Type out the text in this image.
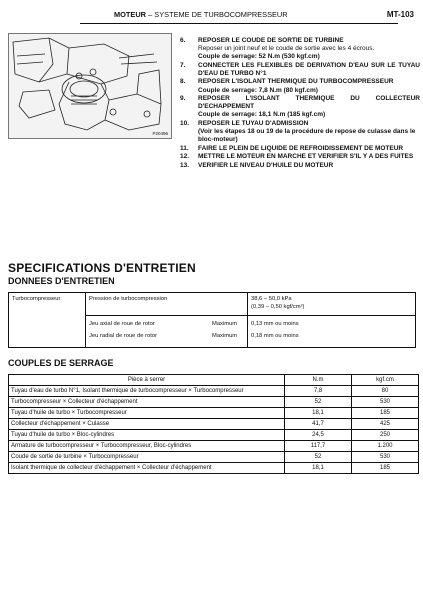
MOTEUR – SYSTEME DE TURBOCOMPRESSEUR	MT-103
P20496
6. REPOSER LE COUDE DE SORTIE DE TURBINE
Reposer un joint neuf et le coude de sortie avec les 4 écrous.
Couple de serrage: 52 N.m (530 kgf.cm)
7. CONNECTER LES FLEXIBLES DE DERIVATION D'EAU SUR LE TUYAU D'EAU DE TURBO N°1
8. REPOSER L'ISOLANT THERMIQUE DU TURBOCOMPRESSEUR
Couple de serrage: 7,8 N.m (80 kgf.cm)
9. REPOSER L'ISOLANT THERMIQUE DU COLLECTEUR D'ECHAPPEMENT
Couple de serrage: 18,1 N.m (185 kgf.cm)
10. REPOSER LE TUYAU D'ADMISSION
(Voir les étapes 18 ou 19 de la procédure de repose de culasse dans le bloc-moteur)
11. FAIRE LE PLEIN DE LIQUIDE DE REFROIDISSEMENT DE MOTEUR
12. METTRE LE MOTEUR EN MARCHE ET VERIFIER S'IL Y A DES FUITES
13. VERIFIER LE NIVEAU D'HUILE DU MOTEUR
SPECIFICATIONS D'ENTRETIEN
DONNEES D'ENTRETIEN
Turbocompresseur	Pression de turbocompression	38,6 – 50,0 kPa
(0,39 – 0,50 kgf/cm²)
Jeu axial de roue de rotor	Maximum 0,13 mm ou moins
Jeu radial de roue de rotor	Maximum 0,18 mm ou moins
COUPLES DE SERRAGE
Pièce à serrer	N.m	kgf.cm
Tuyau d'eau de turbo N°1, Isolant thermique de turbocompresseur × Turbocompresseur	7,8	80
Turbocompresseur × Collecteur d'échappement	52	530
Tuyau d'huile de turbo × Turbocompresseur	18,1	185
Collecteur d'échappement × Culasse	41,7	425
Tuyau d'huile de turbo × Bloc-cylindres	24,5	250
Armature de turbocompresseur × Turbocompresseur, Bloc-cylindres	117,7	1.200
Coude de sortie de turbine × Turbocompresseur	52	530
Isolant thermique de collecteur d'échappement × Collecteur d'échappement	18,1	185
